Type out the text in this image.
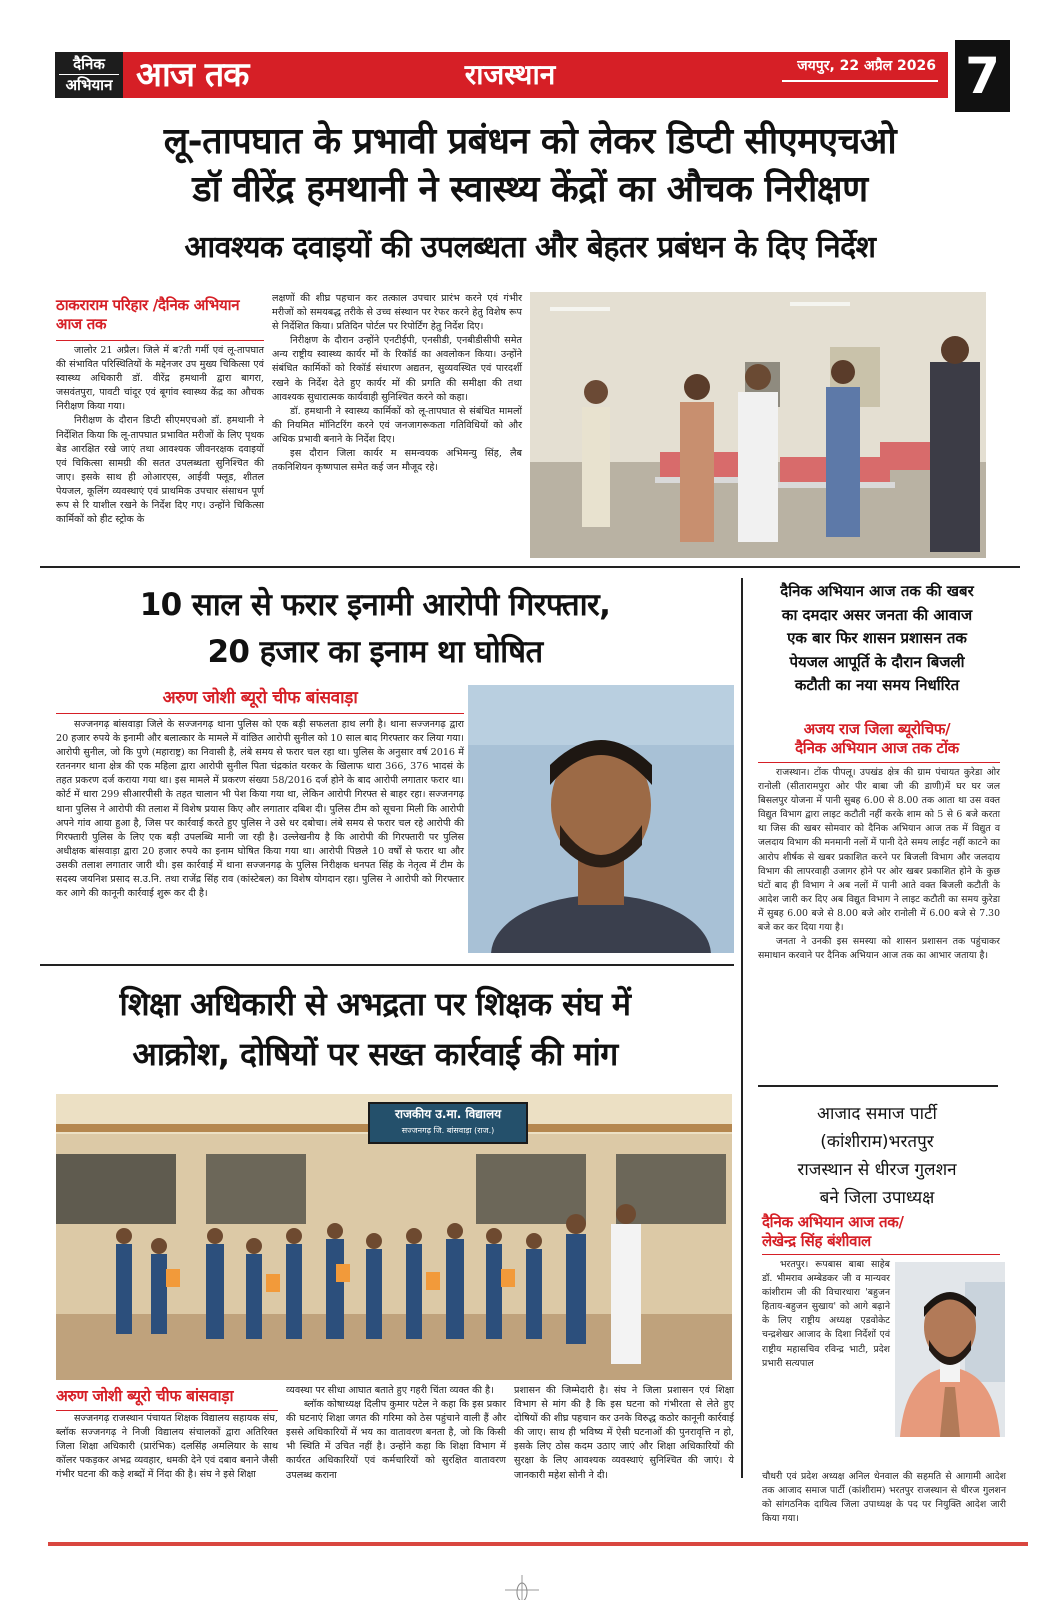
दैनिक
अभियान आज तक	राजस्थान	जयपुर, 22 अप्रैल 2026 7
लू-तापघात के प्रभावी प्रबंधन को लेकर डिप्टी सीएमएचओ
डॉ वीरेंद्र हमथानी ने स्वास्थ्य केंद्रों का औचक निरीक्षण
आवश्यक दवाइयों की उपलब्धता और बेहतर प्रबंधन के दिए निर्देश
ठाकराराम परिहार /दैनिक अभियान आज तक

जालोर 21 अप्रैल। जिले में ब?ती गर्मी एवं लू-तापघात की संभावित परिस्थितियों के मद्देनजर उप मुख्य चिकित्सा एवं स्वास्थ्य अधिकारी डॉ. वीरेंद्र हमथानी द्वारा बागरा, जसवंतपुरा, पावटी चांदूर एवं बूगांव स्वास्थ्य केंद्र का औचक निरीक्षण किया गया।

निरीक्षण के दौरान डिप्टी सीएमएचओ डॉ. हमथानी ने निर्देशित किया कि लू-तापघात प्रभावित मरीजों के लिए पृथक बेड आरक्षित रखे जाएं तथा आवश्यक जीवनरक्षक दवाइयों एवं चिकित्सा सामग्री की सतत उपलब्धता सुनिश्चित की जाए। इसके साथ ही ओआरएस, आईवी फ्लूड, शीतल पेयजल, कूलिंग व्यवस्थाएं एवं प्राथमिक उपचार संसाधन पूर्ण रूप से रि याशील रखने के निर्देश दिए गए। उन्होंने चिकित्सा कार्मिकों को हीट स्ट्रोक के

लक्षणों की शीघ्र पहचान कर तत्काल उपचार प्रारंभ करने एवं गंभीर मरीजों को समयबद्ध तरीके से उच्च संस्थान पर रेफर करने हेतु विशेष रूप से निर्देशित किया। प्रतिदिन पोर्टल पर रिपोर्टिंग हेतु निर्देश दिए।

निरीक्षण के दौरान उन्होंने एनटीईपी, एनसीडी, एनबीडीसीपी समेत अन्य राष्ट्रीय स्वास्थ्य कार्यर मों के रिकॉर्ड का अवलोकन किया। उन्होंने संबंधित कार्मिकों को रिकॉर्ड संधारण अद्यतन, सुव्यवस्थित एवं पारदर्शी रखने के निर्देश देते हुए कार्यर मों की प्रगति की समीक्षा की तथा आवश्यक सुधारात्मक कार्यवाही सुनिश्चित करने को कहा।

डॉ. हमथानी ने स्वास्थ्य कार्मिकों को लू-तापघात से संबंधित मामलों की नियमित मॉनिटरिंग करने एवं जनजागरूकता गतिविधियों को और अधिक प्रभावी बनाने के निर्देश दिए।

इस दौरान जिला कार्यर म समन्वयक अभिमन्यु सिंह, लैब तकनिशियन कृष्णपाल समेत कई जन मौजूद रहे।

10 साल से फरार इनामी आरोपी गिरफ्तार,
20 हजार का इनाम था घोषित
अरुण जोशी ब्यूरो चीफ बांसवाड़ा

सज्जनगढ़ बांसवाड़ा जिले के सज्जनगढ़ थाना पुलिस को एक बड़ी सफलता हाथ लगी है। थाना सज्जनगढ़ द्वारा 20 हजार रुपये के इनामी और बलात्कार के मामले में वांछित आरोपी सुनील को 10 साल बाद गिरफ्तार कर लिया गया। आरोपी सुनील, जो कि पुणे (महाराष्ट्र) का निवासी है, लंबे समय से फरार चल रहा था। पुलिस के अनुसार वर्ष 2016 में रतननगर थाना क्षेत्र की एक महिला द्वारा आरोपी सुनील पिता चंद्रकांत यरकर के खिलाफ धारा 366, 376 भादसं के तहत प्रकरण दर्ज कराया गया था। इस मामले में प्रकरण संख्या 58/2016 दर्ज होने के बाद आरोपी लगातार फरार था। कोर्ट में धारा 299 सीआरपीसी के तहत चालान भी पेश किया गया था, लेकिन आरोपी गिरफ्त से बाहर रहा। सज्जनगढ़ थाना पुलिस ने आरोपी की तलाश में विशेष प्रयास किए और लगातार दबिश दी। पुलिस टीम को सूचना मिली कि आरोपी अपने गांव आया हुआ है, जिस पर कार्रवाई करते हुए पुलिस ने उसे धर दबोचा। लंबे समय से फरार चल रहे आरोपी की गिरफ्तारी पुलिस के लिए एक बड़ी उपलब्धि मानी जा रही है। उल्लेखनीय है कि आरोपी की गिरफ्तारी पर पुलिस अधीक्षक बांसवाड़ा द्वारा 20 हजार रुपये का इनाम घोषित किया गया था। आरोपी पिछले 10 वर्षों से फरार था और उसकी तलाश लगातार जारी थी। इस कार्रवाई में थाना सज्जनगढ़ के पुलिस निरीक्षक धनपत सिंह के नेतृत्व में टीम के सदस्य जयनिश प्रसाद स.उ.नि. तथा राजेंद्र सिंह राव (कांस्टेबल) का विशेष योगदान रहा। पुलिस ने आरोपी को गिरफ्तार कर आगे की कानूनी कार्रवाई शुरू कर दी है।

दैनिक अभियान आज तक की खबर
का दमदार असर जनता की आवाज
एक बार फिर शासन प्रशासन तक
पेयजल आपूर्ति के दौरान बिजली
कटौती का नया समय निर्धारित
अजय राज जिला ब्यूरोचिफ/
दैनिक अभियान आज तक टोंक

राजस्थान। टोंक पीपलू। उपखंड क्षेत्र की ग्राम पंचायत कुरेडा ओर रानोली (सीतारामपुरा ओर पीर बाबा जी की डाणी)में घर घर जल बिसलपुर योजना में पानी सुबह 6.00 से 8.00 तक आता था उस वक्त विद्युत विभाग द्वारा लाइट कटौती नहीं करके शाम को 5 से 6 बजे करता था जिस की खबर सोमवार को दैनिक अभियान आज तक में विद्युत व जलदाय विभाग की मनमानी नलों में पानी देते समय लाईट नहीं काटने का आरोप शीर्षक से खबर प्रकाशित करने पर बिजली विभाग और जलदाय विभाग की लापरवाही उजागर होने पर ओर खबर प्रकाशित होने के कुछ घंटों बाद ही विभाग ने अब नलों में पानी आते वक्त बिजली कटौती के आदेश जारी कर दिए अब विद्युत विभाग ने लाइट कटौती का समय कुरेडा में सुबह 6.00 बजे से 8.00 बजे ओर रानोली में 6.00 बजे से 7.30 बजे कर कर दिया गया है।

जनता ने उनकी इस समस्या को शासन प्रशासन तक पहुंचाकर समाधान करवाने पर दैनिक अभियान आज तक का आभार जताया है।

आजाद समाज पार्टी
(कांशीराम)भरतपुर
राजस्थान से धीरज गुलशन
बने जिला उपाध्यक्ष
दैनिक अभियान आज तक/
लेखेन्द्र सिंह बंशीवाल

भरतपुर। रूपबास बाबा साहेब डॉ. भीमराव अम्बेडकर जी व मान्यवर कांशीराम जी की विचारधारा 'बहुजन हिताय-बहुजन सुखाय' को आगे बढ़ाने के लिए राष्ट्रीय अध्यक्ष एडवोकेट चन्द्रशेखर आजाद के दिशा निर्देशों एवं राष्ट्रीय महासचिव रविन्द्र भाटी, प्रदेश प्रभारी सत्यपाल

चौधरी एवं प्रदेश अध्यक्ष अनिल धेनवाल की सहमति से आगामी आदेश तक आजाद समाज पार्टी (कांशीराम) भरतपुर राजस्थान से धीरज गुलशन को सांगठनिक दायित्व जिला उपाध्यक्ष के पद पर नियुक्ति आदेश जारी किया गया।

शिक्षा अधिकारी से अभद्रता पर शिक्षक संघ में
आक्रोश, दोषियों पर सख्त कार्रवाई की मांग
राजकीय उ.मा. विद्यालय
सज्जनगढ़ जि. बांसवाड़ा (राज.)
अरुण जोशी ब्यूरो चीफ बांसवाड़ा

सज्जनगढ़ राजस्थान पंचायत शिक्षक विद्यालय सहायक संघ, ब्लॉक सज्जनगढ़ ने निजी विद्यालय संचालकों द्वारा अतिरिक्त जिला शिक्षा अधिकारी (प्रारंभिक) दलसिंह अमलियार के साथ कॉलर पकड़कर अभद्र व्यवहार, धमकी देने एवं दबाव बनाने जैसी गंभीर घटना की कड़े शब्दों में निंदा की है। संघ ने इसे शिक्षा

व्यवस्था पर सीधा आघात बताते हुए गहरी चिंता व्यक्त की है।

ब्लॉक कोषाध्यक्ष दिलीप कुमार पटेल ने कहा कि इस प्रकार की घटनाएं शिक्षा जगत की गरिमा को ठेस पहुंचाने वाली हैं और इससे अधिकारियों में भय का वातावरण बनता है, जो कि किसी भी स्थिति में उचित नहीं है। उन्होंने कहा कि शिक्षा विभाग में कार्यरत अधिकारियों एवं कर्मचारियों को सुरक्षित वातावरण उपलब्ध कराना

प्रशासन की जिम्मेदारी है। संघ ने जिला प्रशासन एवं शिक्षा विभाग से मांग की है कि इस घटना को गंभीरता से लेते हुए दोषियों की शीघ्र पहचान कर उनके विरुद्ध कठोर कानूनी कार्रवाई की जाए। साथ ही भविष्य में ऐसी घटनाओं की पुनरावृत्ति न हो, इसके लिए ठोस कदम उठाए जाएं और शिक्षा अधिकारियों की सुरक्षा के लिए आवश्यक व्यवस्थाएं सुनिश्चित की जाएं। ये जानकारी महेश सोनी ने दी।
